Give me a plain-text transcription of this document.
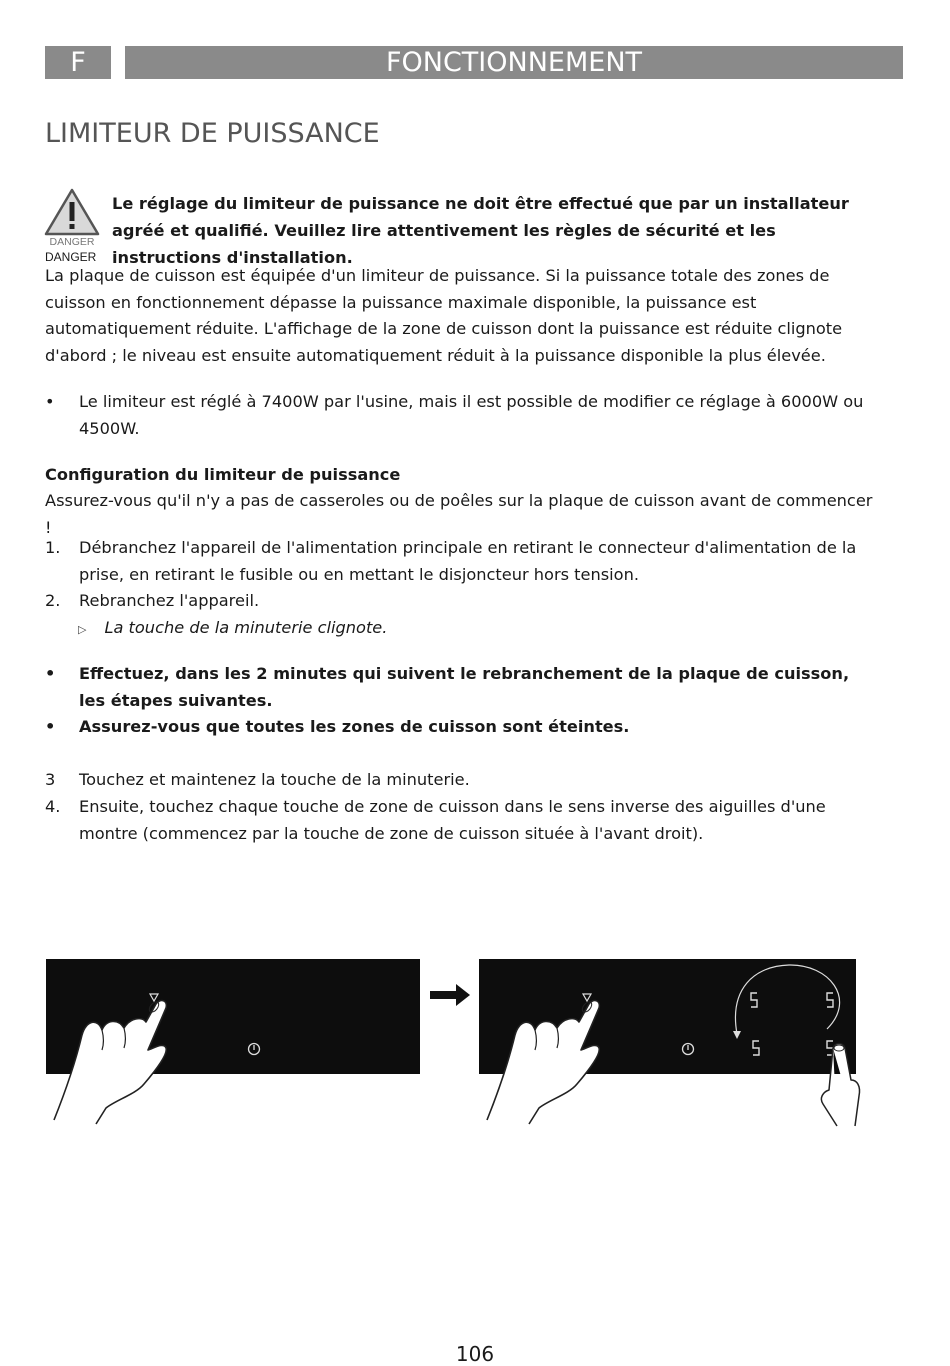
F	FONCTIONNEMENT
LIMITEUR DE PUISSANCE
DANGER
DANGER
Le réglage du limiteur de puissance ne doit être effectué que par un installateur agréé et qualifié. Veuillez lire attentivement les règles de sécurité et les instructions d'installation.
La plaque de cuisson est équipée d'un limiteur de puissance. Si la puissance totale des zones de cuisson en fonctionnement dépasse la puissance maximale disponible, la puissance est automatiquement réduite. L'affichage de la zone de cuisson dont la puissance est réduite clignote d'abord ; le niveau est ensuite automatiquement réduit à la puissance disponible la plus élevée.
•	Le limiteur est réglé à 7400W par l'usine, mais il est possible de modifier ce réglage à 6000W ou 4500W.
Configuration du limiteur de puissance
Assurez-vous qu'il n'y a pas de casseroles ou de poêles sur la plaque de cuisson avant de commencer !
1.	Débranchez l'appareil de l'alimentation principale en retirant le connecteur d'alimentation de la prise, en retirant le fusible ou en mettant le disjoncteur hors tension.
2.	Rebranchez l'appareil.
▷ La touche de la minuterie clignote.
•	Effectuez, dans les 2 minutes qui suivent le rebranchement de la plaque de cuisson, les étapes suivantes.
•	Assurez-vous que toutes les zones de cuisson sont éteintes.
3	Touchez et maintenez la touche de la minuterie.
4.	Ensuite, touchez chaque touche de zone de cuisson dans le sens inverse des aiguilles d'une montre (commencez par la touche de zone de cuisson située à l'avant droit).
106
